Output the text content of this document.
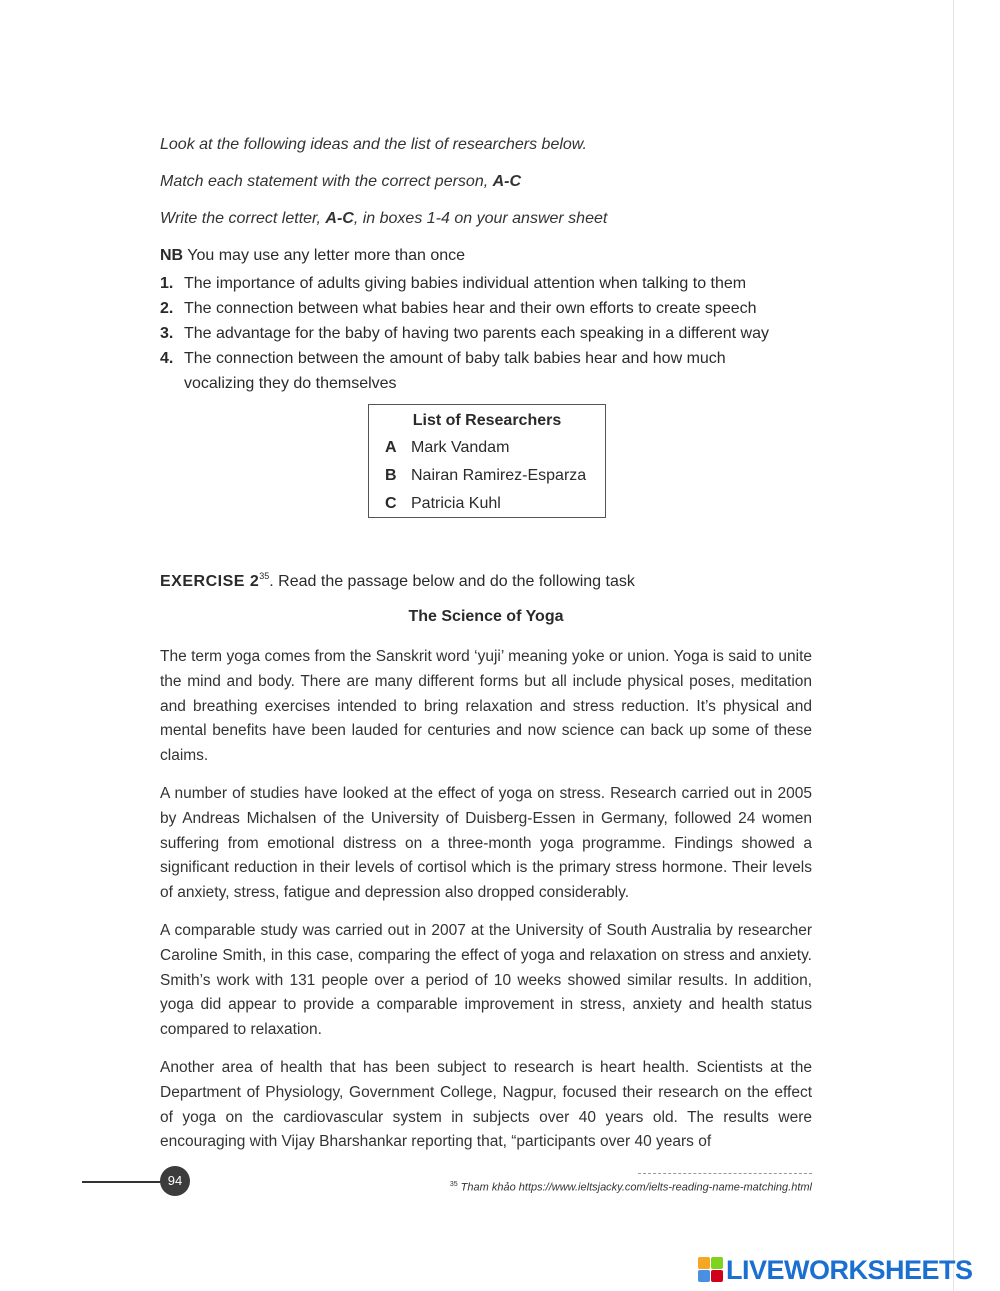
Look at the following ideas and the list of researchers below.
Match each statement with the correct person, A-C
Write the correct letter, A-C, in boxes 1-4 on your answer sheet
NB You may use any letter more than once
1. The importance of adults giving babies individual attention when talking to them
2. The connection between what babies hear and their own efforts to create speech
3. The advantage for the baby of having two parents each speaking in a different way
4. The connection between the amount of baby talk babies hear and how much vocalizing they do themselves
List of Researchers
A Mark Vandam
B Nairan Ramirez-Esparza
C Patricia Kuhl
EXERCISE $2^{35}$. Read the passage below and do the following task
The Science of Yoga
The term yoga comes from the Sanskrit word ‘yuji’ meaning yoke or union. Yoga is said to unite the mind and body. There are many different forms but all include physical poses, meditation and breathing exercises intended to bring relaxation and stress reduction. It’s physical and mental benefits have been lauded for centuries and now science can back up some of these claims.
A number of studies have looked at the effect of yoga on stress. Research carried out in 2005 by Andreas Michalsen of the University of Duisberg-Essen in Germany, followed 24 women suffering from emotional distress on a three-month yoga programme. Findings showed a significant reduction in their levels of cortisol which is the primary stress hormone. Their levels of anxiety, stress, fatigue and depression also dropped considerably.
A comparable study was carried out in 2007 at the University of South Australia by researcher Caroline Smith, in this case, comparing the effect of yoga and relaxation on stress and anxiety. Smith’s work with 131 people over a period of 10 weeks showed similar results. In addition, yoga did appear to provide a comparable improvement in stress, anxiety and health status compared to relaxation.
Another area of health that has been subject to research is heart health. Scientists at the Department of Physiology, Government College, Nagpur, focused their research on the effect of yoga on the cardiovascular system in subjects over 40 years old. The results were encouraging with Vijay Bharshankar reporting that, “participants over 40 years of
94	$^{35}$ Tham khảo https://www.ieltsjacky.com/ielts-reading-name-matching.html
LIVEWORKSHEETS
